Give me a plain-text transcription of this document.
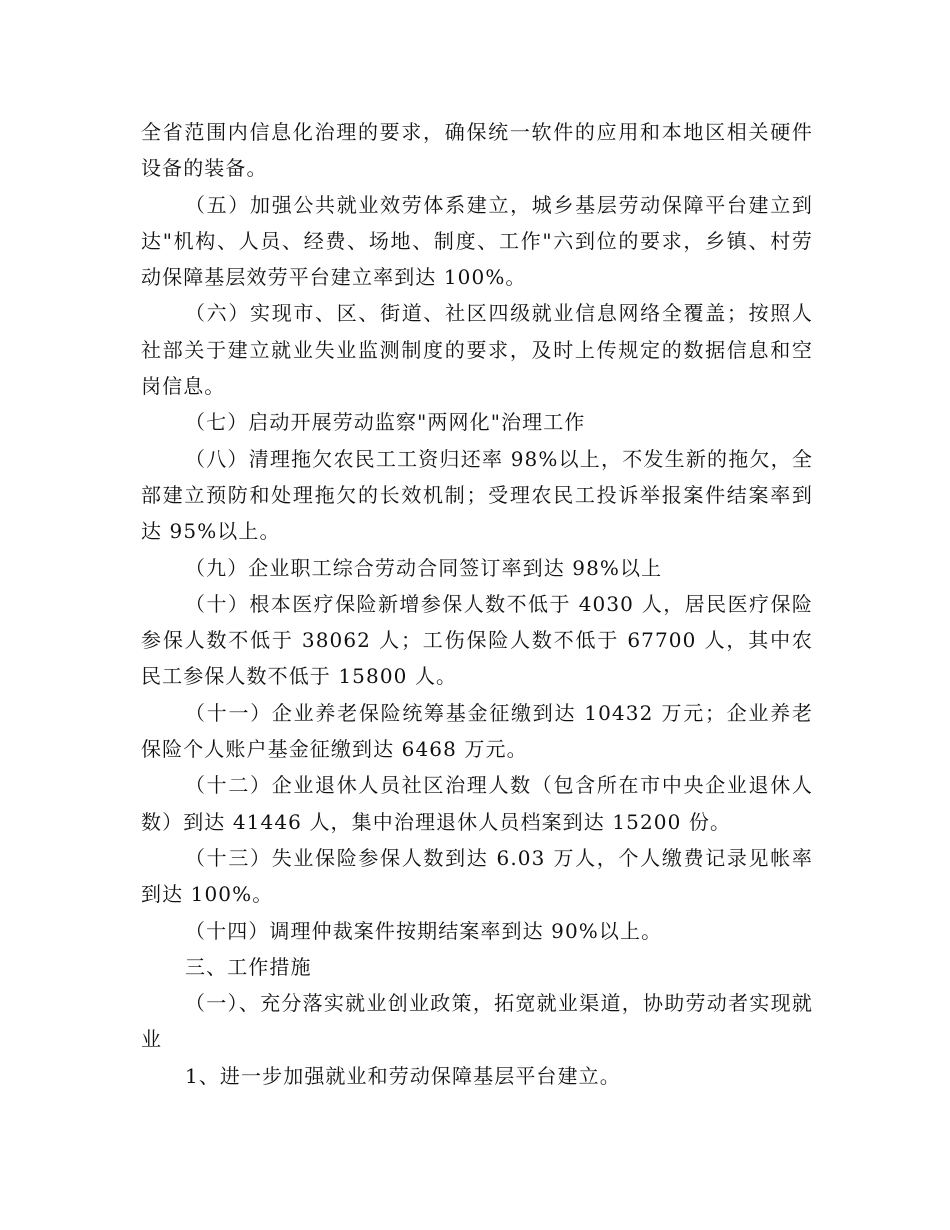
全省范围内信息化治理的要求，确保统一软件的应用和本地区相关硬件设备的装备。

（五）加强公共就业效劳体系建立，城乡基层劳动保障平台建立到达"机构、人员、经费、场地、制度、工作"六到位的要求，乡镇、村劳动保障基层效劳平台建立率到达 100%。

（六）实现市、区、街道、社区四级就业信息网络全覆盖；按照人社部关于建立就业失业监测制度的要求，及时上传规定的数据信息和空岗信息。

（七）启动开展劳动监察"两网化"治理工作

（八）清理拖欠农民工工资归还率 98%以上，不发生新的拖欠，全部建立预防和处理拖欠的长效机制；受理农民工投诉举报案件结案率到达 95%以上。

（九）企业职工综合劳动合同签订率到达 98%以上

（十）根本医疗保险新增参保人数不低于 4030 人，居民医疗保险参保人数不低于 38062 人；工伤保险人数不低于 67700 人，其中农民工参保人数不低于 15800 人。

（十一）企业养老保险统筹基金征缴到达 10432 万元；企业养老保险个人账户基金征缴到达 6468 万元。

（十二）企业退休人员社区治理人数（包含所在市中央企业退休人数）到达 41446 人，集中治理退休人员档案到达 15200 份。

（十三）失业保险参保人数到达 6.03 万人，个人缴费记录见帐率到达 100%。

（十四）调理仲裁案件按期结案率到达 90%以上。

三、工作措施

（一）、充分落实就业创业政策，拓宽就业渠道，协助劳动者实现就业

1、进一步加强就业和劳动保障基层平台建立。
